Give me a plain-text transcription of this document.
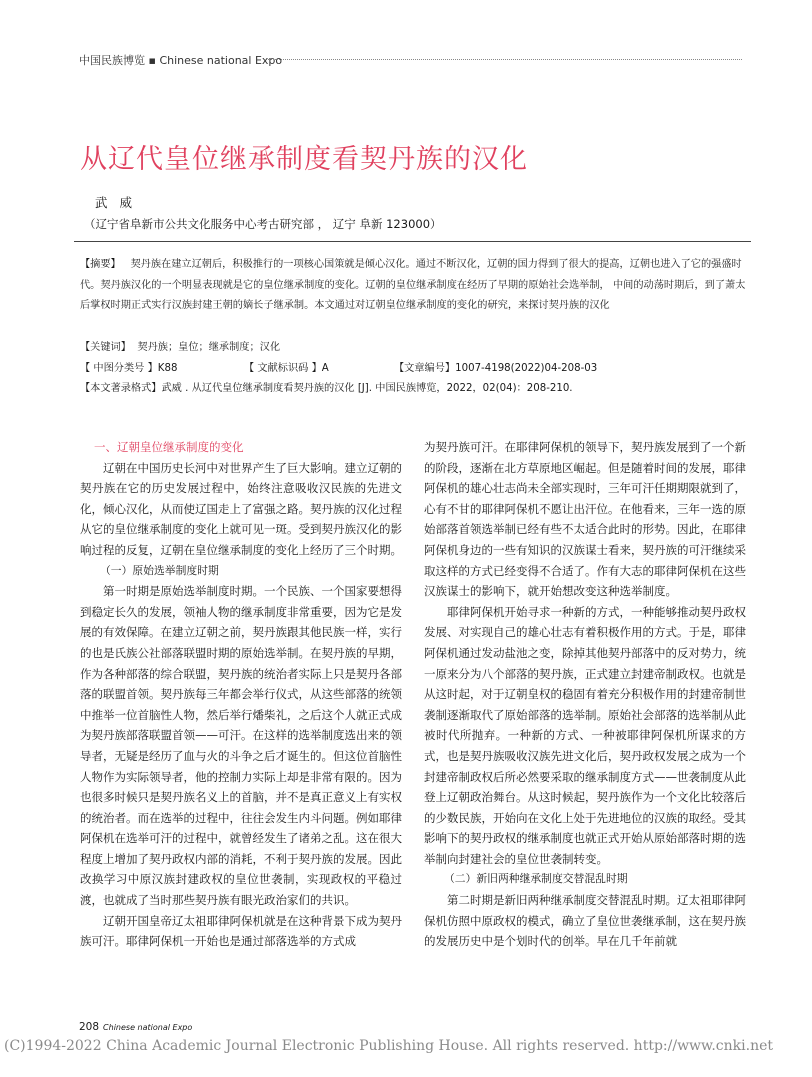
中国民族博览 ▪ Chinese national Expo
从辽代皇位继承制度看契丹族的汉化
武 威
（辽宁省阜新市公共文化服务中心考古研究部 ， 辽宁 阜新 123000）
【摘要】 契丹族在建立辽朝后，积极推行的一项核心国策就是倾心汉化。通过不断汉化，辽朝的国力得到了很大的提高，辽朝也进入了它的强盛时代。契丹族汉化的一个明显表现就是它的皇位继承制度的变化。辽朝的皇位继承制度在经历了早期的原始社会选举制， 中间的动荡时期后，到了萧太后掌权时期正式实行汉族封建王朝的嫡长子继承制。本文通过对辽朝皇位继承制度的变化的研究，来探讨契丹族的汉化
【关键词】 契丹族；皇位；继承制度；汉化
【 中图分类号 】K88	【 文献标识码 】A	【文章编号】1007-4198(2022)04-208-03
【本文著录格式】武威 . 从辽代皇位继承制度看契丹族的汉化 [J]. 中国民族博览，2022，02(04)：208-210.

一、辽朝皇位继承制度的变化

辽朝在中国历史长河中对世界产生了巨大影响。建立辽朝的契丹族在它的历史发展过程中，始终注意吸收汉民族的先进文化，倾心汉化，从而使辽国走上了富强之路。契丹族的汉化过程从它的皇位继承制度的变化上就可见一斑。受到契丹族汉化的影响过程的反复，辽朝在皇位继承制度的变化上经历了三个时期。

（一）原始选举制度时期

第一时期是原始选举制度时期。一个民族、一个国家要想得到稳定长久的发展，领袖人物的继承制度非常重要，因为它是发展的有效保障。在建立辽朝之前，契丹族跟其他民族一样，实行的也是氏族公社部落联盟时期的原始选举制。在契丹族的早期，作为各种部落的综合联盟，契丹族的统治者实际上只是契丹各部落的联盟首领。契丹族每三年都会举行仪式，从这些部落的统领中推举一位首脑性人物，然后举行燔柴礼，之后这个人就正式成为契丹族部落联盟首领——可汗。在这样的选举制度选出来的领导者，无疑是经历了血与火的斗争之后才诞生的。但这位首脑性人物作为实际领导者，他的控制力实际上却是非常有限的。因为也很多时候只是契丹族名义上的首脑，并不是真正意义上有实权的统治者。而在选举的过程中，往往会发生内斗问题。例如耶律阿保机在选举可汗的过程中，就曾经发生了诸弟之乱。这在很大程度上增加了契丹政权内部的消耗，不利于契丹族的发展。因此改换学习中原汉族封建政权的皇位世袭制，实现政权的平稳过渡，也就成了当时那些契丹族有眼光政治家们的共识。

辽朝开国皇帝辽太祖耶律阿保机就是在这种背景下成为契丹族可汗。耶律阿保机一开始也是通过部落选举的方式成

为契丹族可汗。在耶律阿保机的领导下，契丹族发展到了一个新的阶段，逐渐在北方草原地区崛起。但是随着时间的发展，耶律阿保机的雄心壮志尚未全部实现时，三年可汗任期期限就到了，心有不甘的耶律阿保机不愿让出汗位。在他看来，三年一选的原始部落首领选举制已经有些不太适合此时的形势。因此，在耶律阿保机身边的一些有知识的汉族谋士看来，契丹族的可汗继续采取这样的方式已经变得不合适了。作有大志的耶律阿保机在这些汉族谋士的影响下，就开始想改变这种选举制度。

耶律阿保机开始寻求一种新的方式，一种能够推动契丹政权发展、对实现自己的雄心壮志有着积极作用的方式。于是，耶律阿保机通过发动盐池之变，除掉其他契丹部落中的反对势力，统一原来分为八个部落的契丹族，正式建立封建帝制政权。也就是从这时起，对于辽朝皇权的稳固有着充分积极作用的封建帝制世袭制逐渐取代了原始部落的选举制。原始社会部落的选举制从此被时代所抛弃。一种新的方式、一种被耶律阿保机所谋求的方式，也是契丹族吸收汉族先进文化后，契丹政权发展之成为一个封建帝制政权后所必然要采取的继承制度方式——世袭制度从此登上辽朝政治舞台。从这时候起，契丹族作为一个文化比较落后的少数民族，开始向在文化上处于先进地位的汉族的取经。受其影响下的契丹政权的继承制度也就正式开始从原始部落时期的选举制向封建社会的皇位世袭制转变。

（二）新旧两种继承制度交替混乱时期

第二时期是新旧两种继承制度交替混乱时期。辽太祖耶律阿保机仿照中原政权的模式，确立了皇位世袭继承制，这在契丹族的发展历史中是个划时代的创举。早在几千年前就

208 Chinese national Expo
(C)1994-2022 China Academic Journal Electronic Publishing House. All rights reserved. http://www.cnki.net
